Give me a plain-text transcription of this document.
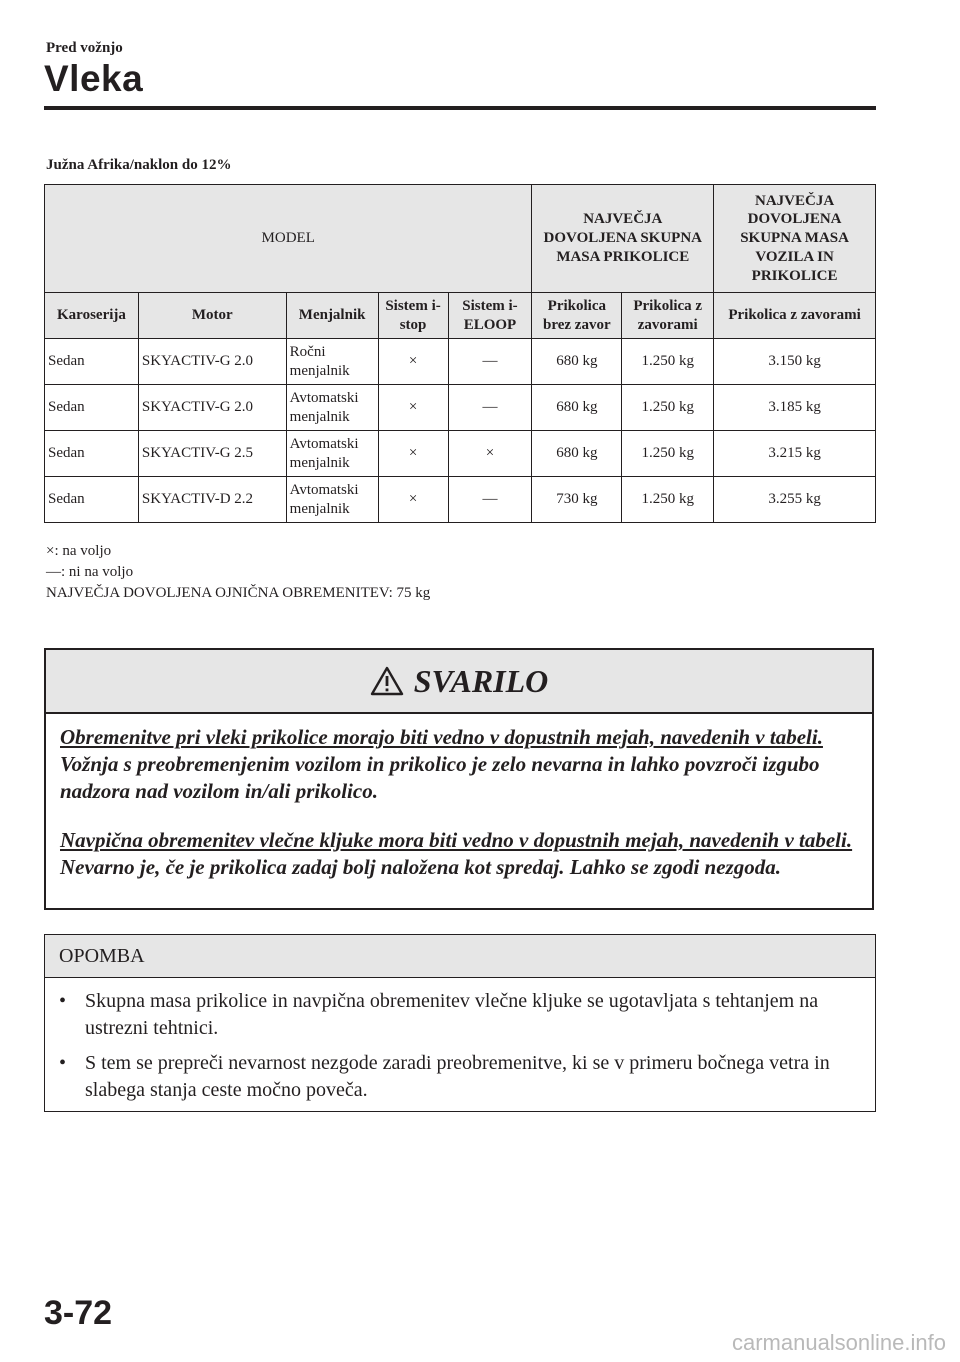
Pred vožnjo
Vleka
Južna Afrika/naklon do 12%
MODEL					NAJVEČJA DOVOLJENA SKUPNA MASA PRIKOLICE		NAJVEČJA DOVOLJENA SKUPNA MASA VOZILA IN PRIKOLICE
Karoserija	Motor	Menjalnik	Sistem i-stop	Sistem i-ELOOP	Prikolica brez zavor	Prikolica z zavorami	Prikolica z zavorami
Sedan	SKYACTIV-G 2.0	Ročni menjalnik	×	—	680 kg	1.250 kg	3.150 kg
Sedan	SKYACTIV-G 2.0	Avtomatski menjalnik	×	—	680 kg	1.250 kg	3.185 kg
Sedan	SKYACTIV-G 2.5	Avtomatski menjalnik	×	×	680 kg	1.250 kg	3.215 kg
Sedan	SKYACTIV-D 2.2	Avtomatski menjalnik	×	—	730 kg	1.250 kg	3.255 kg
×: na voljo
—: ni na voljo
NAJVEČJA DOVOLJENA OJNIČNA OBREMENITEV: 75 kg
SVARILO

Obremenitve pri vleki prikolice morajo biti vedno v dopustnih mejah, navedenih v tabeli.
Vožnja s preobremenjenim vozilom in prikolico je zelo nevarna in lahko povzroči izgubo nadzora nad vozilom in/ali prikolico.

Navpična obremenitev vlečne kljuke mora biti vedno v dopustnih mejah, navedenih v tabeli.
Nevarno je, če je prikolica zadaj bolj naložena kot spredaj. Lahko se zgodi nezgoda.

OPOMBA
• Skupna masa prikolice in navpična obremenitev vlečne kljuke se ugotavljata s tehtanjem na ustrezni tehtnici.
• S tem se prepreči nevarnost nezgode zaradi preobremenitve, ki se v primeru bočnega vetra in slabega stanja ceste močno poveča.
3-72
carmanualsonline.info
